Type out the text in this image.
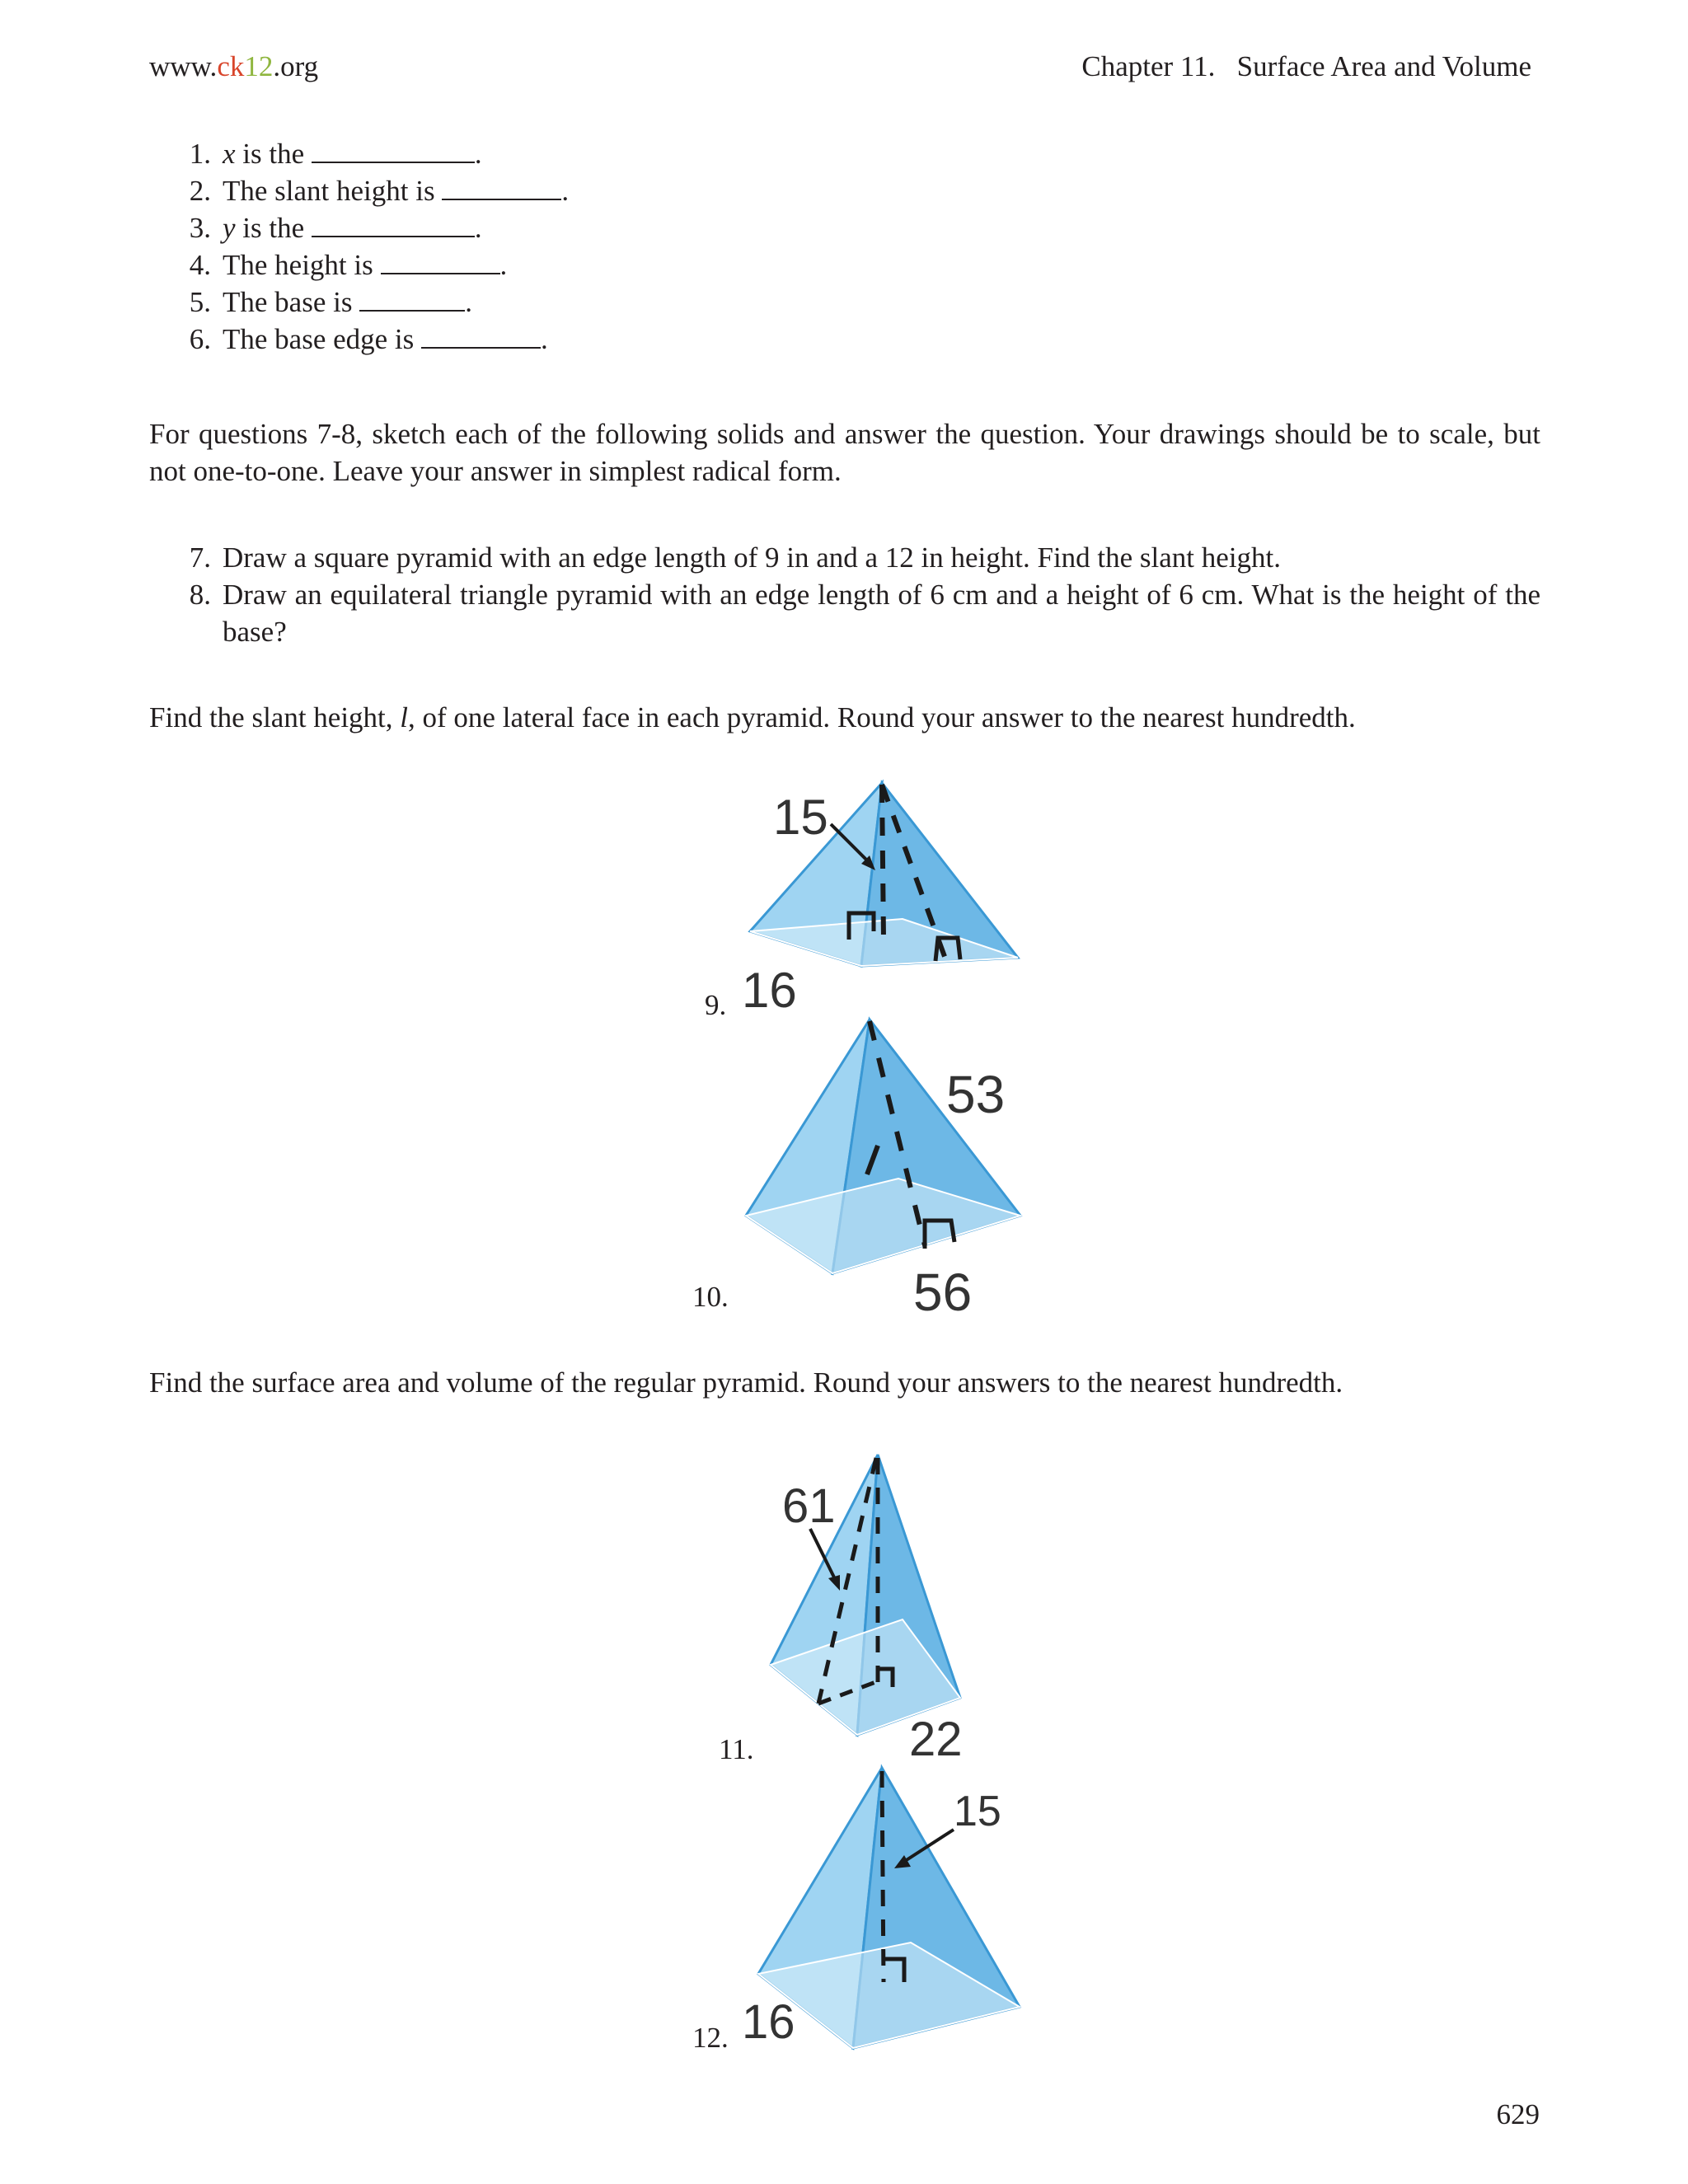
www.ck12.org	Chapter 11. Surface Area and Volume
1. x is the	.
2. The slant height is	.
3. y is the	.
4. The height is	.
5. The base is	.
6. The base edge is	.
For questions 7-8, sketch each of the following solids and answer the question. Your drawings should be to scale, but not one-to-one. Leave your answer in simplest radical form.
7. Draw a square pyramid with an edge length of 9 in and a 12 in height. Find the slant height.
8. Draw an equilateral triangle pyramid with an edge length of 6 cm and a height of 6 cm. What is the height of the base?
Find the slant height, l, of one lateral face in each pyramid. Round your answer to the nearest hundredth.
9.
15
16
10.
53
56
Find the surface area and volume of the regular pyramid. Round your answers to the nearest hundredth.
11.
61
22
12.
15
16
629
